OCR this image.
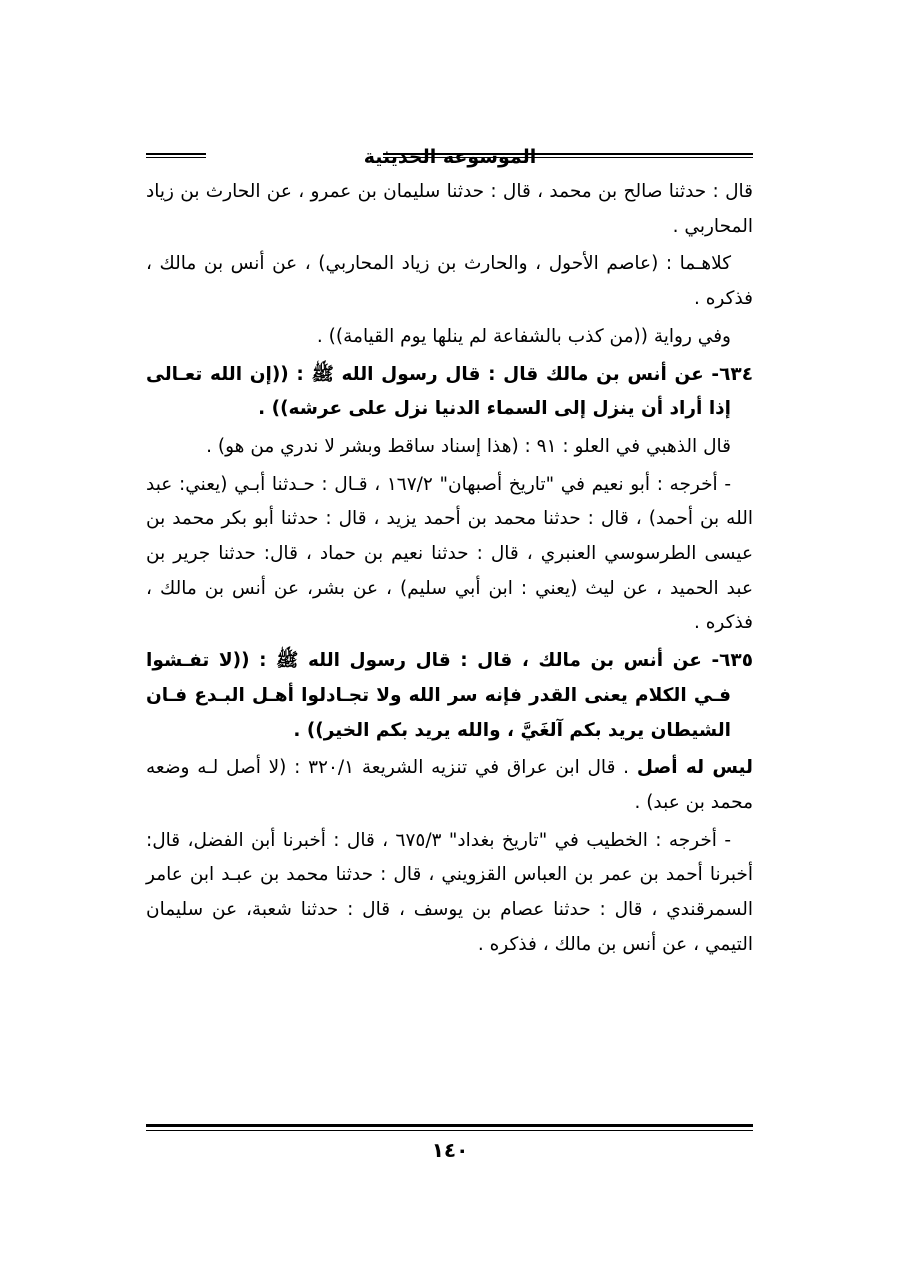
الموسوعة الحديثية

قال : حدثنا صالح بن محمد ، قال : حدثنا سليمان بن عمرو ، عن الحارث بن زياد المحاربي .

كلاهـما : (عاصم الأحول ، والحارث بن زياد المحاربي) ، عن أنس بن مالك ، فذكره .

وفي رواية ((من كذب بالشفاعة لم ينلها يوم القيامة)) .

٦٣٤- عن أنس بن مالك قال : قال رسول الله ﷺ : ((إن الله تعـالى إذا أراد أن ينزل إلى السماء الدنيا نزل على عرشه)) .

قال الذهبي في العلو : ٩١ : (هذا إسناد ساقط وبشر لا ندري من هو) .

- أخرجه : أبو نعيم في "تاريخ أصبهان" ١٦٧/٢ ، قـال : حـدثنا أبـي (يعني: عبد الله بن أحمد) ، قال : حدثنا محمد بن أحمد يزيد ، قال : حدثنا أبو بكر محمد بن عيسى الطرسوسي العنبري ، قال : حدثنا نعيم بن حماد ، قال: حدثنا جرير بن عبد الحميد ، عن ليث (يعني : ابن أبي سليم) ، عن بشر، عن أنس بن مالك ، فذكره .

٦٣٥- عن أنس بن مالك ، قال : قال رسول الله ﷺ : ((لا تفـشوا فـي الكلام يعنى القدر فإنه سر الله ولا تجـادلوا أهـل البـدع فـان الشيطان يريد بكم آلغَيَّ ، والله يريد بكم الخير)) .

ليس له أصل . قال ابن عراق في تنزيه الشريعة ٣٢٠/١ : (لا أصل لـه وضعه محمد بن عبد) .

- أخرجه : الخطيب في "تاريخ بغداد" ٦٧٥/٣ ، قال : أخبرنا أبن الفضل، قال: أخبرنا أحمد بن عمر بن العباس القزويني ، قال : حدثنا محمد بن عبـد ابن عامر السمرقندي ، قال : حدثنا عصام بن يوسف ، قال : حدثنا شعبة، عن سليمان التيمي ، عن أنس بن مالك ، فذكره .

١٤٠
